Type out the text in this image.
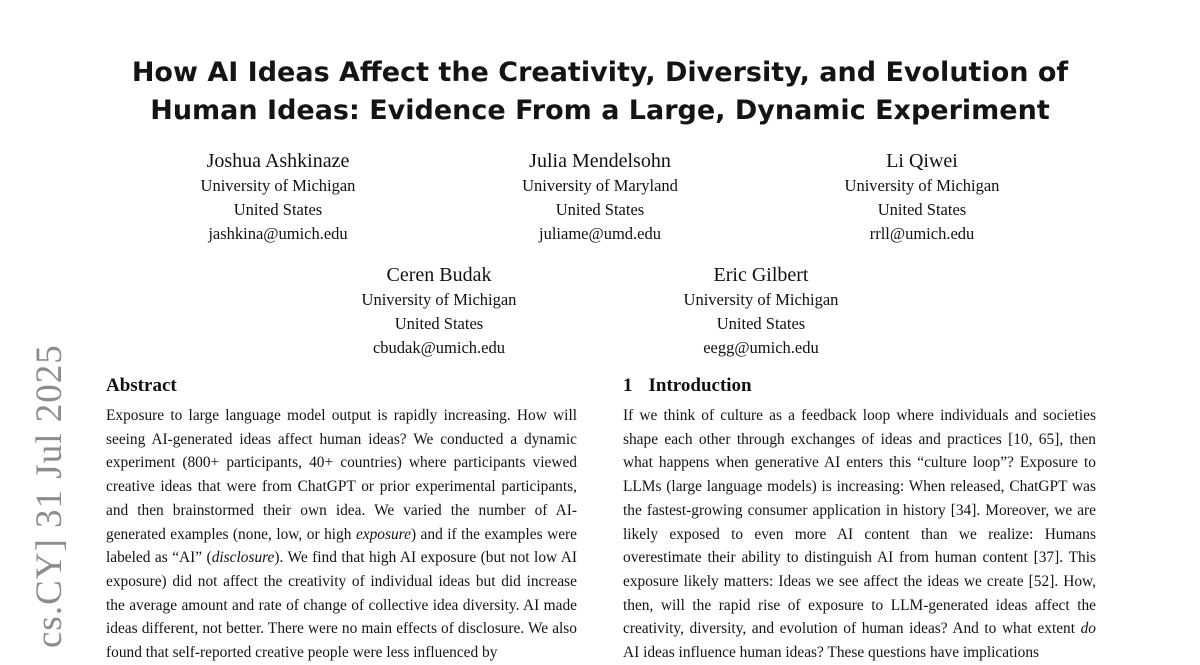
cs.CY] 31 Jul 2025
How AI Ideas Affect the Creativity, Diversity, and Evolution of
Human Ideas: Evidence From a Large, Dynamic Experiment
Joshua Ashkinaze
University of Michigan
United States
jashkina@umich.edu
Julia Mendelsohn
University of Maryland
United States
juliame@umd.edu
Li Qiwei
University of Michigan
United States
rrll@umich.edu
Ceren Budak
University of Michigan
United States
cbudak@umich.edu
Eric Gilbert
University of Michigan
United States
eegg@umich.edu
Abstract
Exposure to large language model output is rapidly increasing. How will seeing AI-generated ideas affect human ideas? We conducted a dynamic experiment (800+ participants, 40+ countries) where participants viewed creative ideas that were from ChatGPT or prior experimental participants, and then brainstormed their own idea. We varied the number of AI-generated examples (none, low, or high exposure) and if the examples were labeled as “AI” (disclosure). We find that high AI exposure (but not low AI exposure) did not affect the creativity of individual ideas but did increase the average amount and rate of change of collective idea diversity. AI made ideas different, not better. There were no main effects of disclosure. We also found that self-reported creative people were less influenced by
1 Introduction
If we think of culture as a feedback loop where individuals and societies shape each other through exchanges of ideas and practices [10, 65], then what happens when generative AI enters this “culture loop”? Exposure to LLMs (large language models) is increasing: When released, ChatGPT was the fastest-growing consumer application in history [34]. Moreover, we are likely exposed to even more AI content than we realize: Humans overestimate their ability to distinguish AI from human content [37]. This exposure likely matters: Ideas we see affect the ideas we create [52]. How, then, will the rapid rise of exposure to LLM-generated ideas affect the creativity, diversity, and evolution of human ideas? And to what extent do AI ideas influence human ideas? These questions have implications
